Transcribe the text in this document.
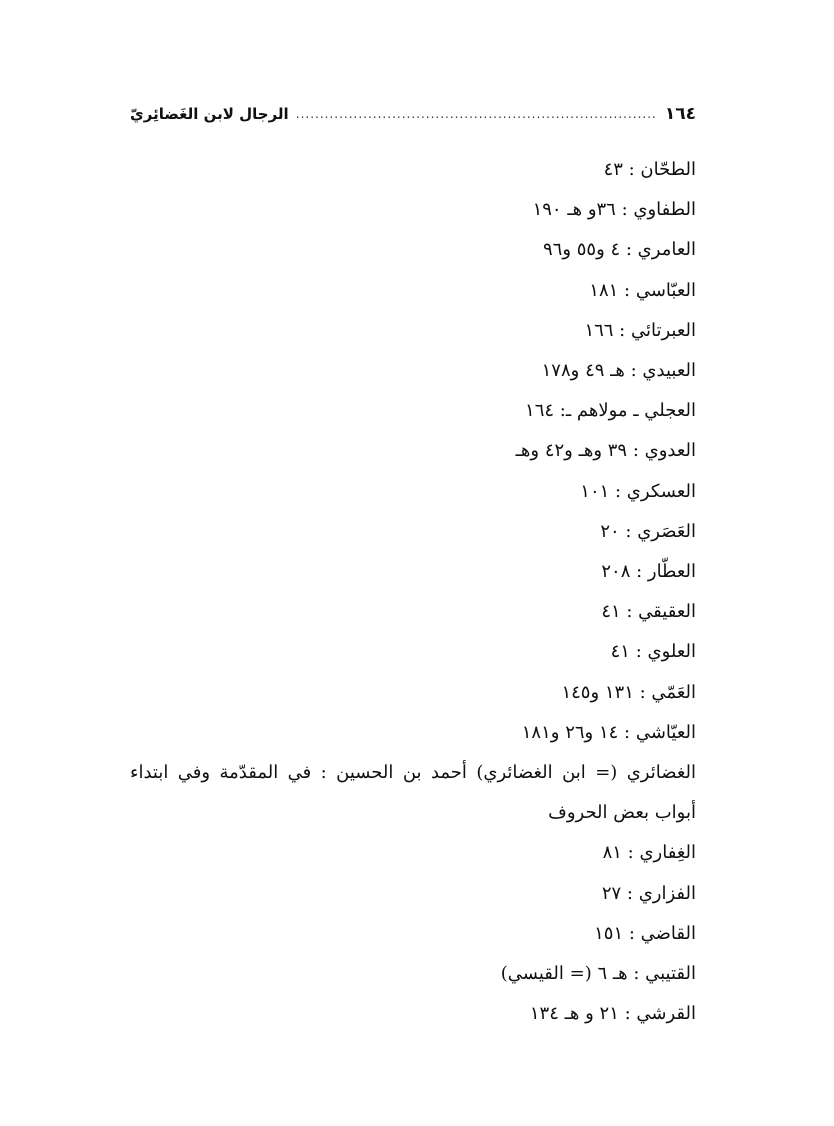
١٦٤
.....
الرجال لابن الغَضائِريّ

الطحّان : ٤٣

الطفاوي : ٣٦و هـ ١٩٠

العامري : ٤ و٥٥ و٩٦

العبّاسي : ١٨١

العبرتائي : ١٦٦

العبيدي : هـ ٤٩ و١٧٨

العجلي ـ مولاهم ـ: ١٦٤

العدوي : ٣٩ وهـ و٤٢ وهـ

العسكري : ١٠١

العَصَري : ٢٠

العطّار : ٢٠٨

العقيقي : ٤١

العلوي : ٤١

العَمّي : ١٣١ و١٤٥

العيّاشي : ١٤ و٢٦ و١٨١

الغضائري (= ابن الغضائري) أحمد بن الحسين : في المقدّمة وفي ابتداء أبواب بعض الحروف

الغِفاري : ٨١

الفزاري : ٢٧

القاضي : ١٥١

القتيبي : هـ ٦ (= القيسي)

القرشي : ٢١ و هـ ١٣٤
